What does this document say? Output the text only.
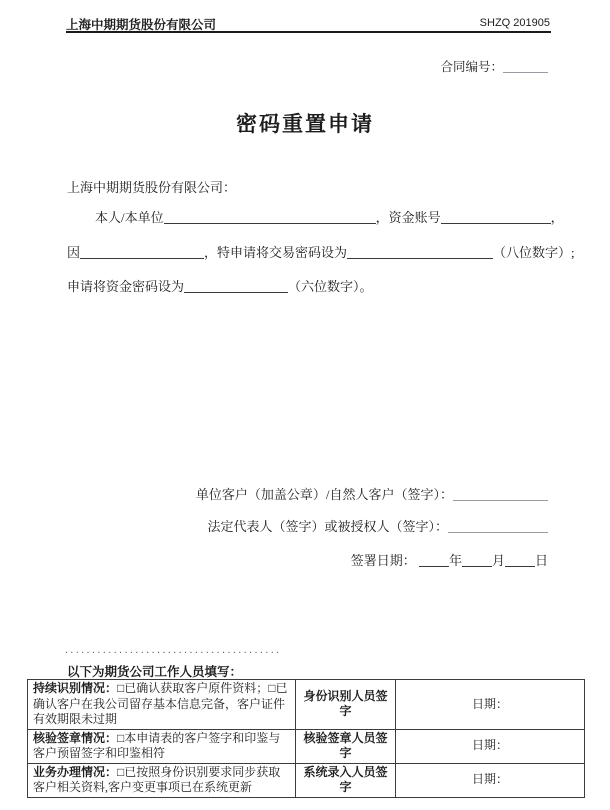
上海中期期货股份有限公司	SHZQ 201905
合同编号：
密码重置申请
上海中期期货股份有限公司：
本人/本单位	，资金账号	，
因	，特申请将交易密码设为	（八位数字）;
申请将资金密码设为	（六位数字）。
单位客户（加盖公章）/自然人客户（签字）：
法定代表人（签字）或被授权人（签字）：
签署日期：	年 月 日
........................................
以下为期货公司工作人员填写：
持续识别情况：□已确认获取客户原件资料；□已确认客户在我公司留存基本信息完备，客户证件有效期限未过期	身份识别人员签字	日期：
核验签章情况：□本申请表的客户签字和印鉴与客户预留签字和印鉴相符	核验签章人员签字	日期：
业务办理情况：□已按照身份识别要求同步获取客户相关资料,客户变更事项已在系统更新	系统录入人员签字	日期：
